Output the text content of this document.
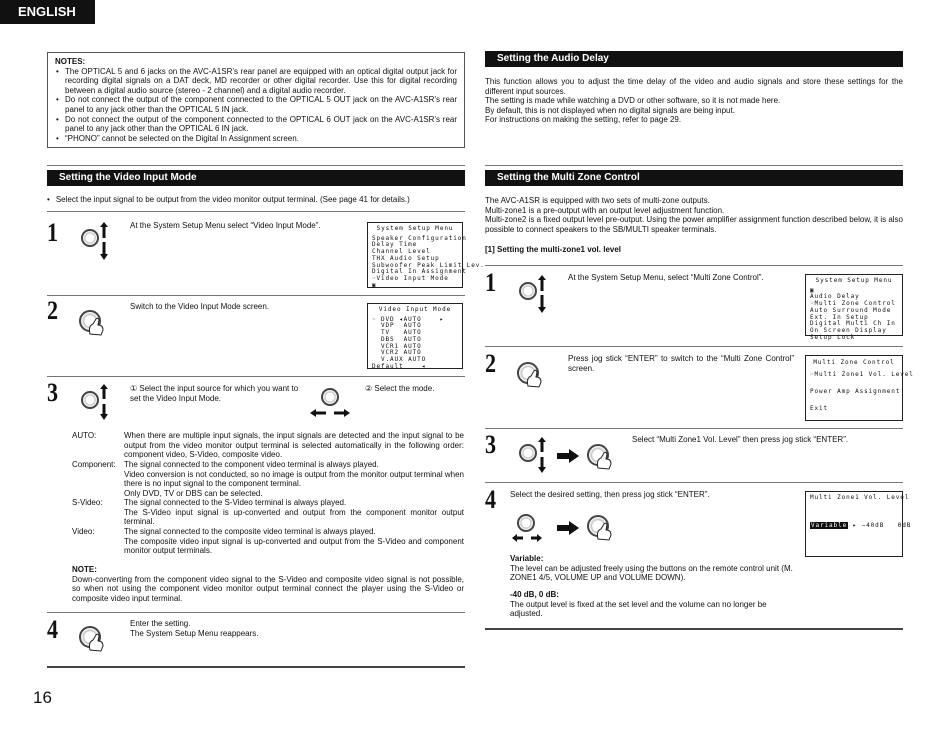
ENGLISH
NOTES:
• The OPTICAL 5 and 6 jacks on the AVC-A1SR’s rear panel are equipped with an optical digital output jack for recording digital signals on a DAT deck, MD recorder or other digital recorder. Use this for digital recording between a digital audio source (stereo - 2 channel) and a digital audio recorder.
• Do not connect the output of the component connected to the OPTICAL 5 OUT jack on the AVC-A1SR’s rear panel to any jack other than the OPTICAL 5 IN jack.
• Do not connect the output of the component connected to the OPTICAL 6 OUT jack on the AVC-A1SR’s rear panel to any jack other than the OPTICAL 6 IN jack.
• “PHONO” cannot be selected on the Digital In Assignment screen.
Setting the Video Input Mode
• Select the input signal to be output from the video monitor output terminal. (See page 41 for details.)
1	At the System Setup Menu select “Video Input Mode”.	System Setup Menu
Speaker Configuration
Delay Time
Channel Level
THX Audio Setup
Subwoofer Peak Limit Lev.
Digital In Assignment
☞Video Input Mode
▣
2	Switch to the Video Input Mode screen.	Video Input Mode
☞ DVD ◂AUTO    ▸
VDP  AUTO
TV   AUTO
DBS  AUTO
VCR1 AUTO
VCR2 AUTO
V.AUX AUTO
Default    ◂
3	① Select the input source for which you want to set the Video Input Mode.
② Select the mode.
AUTO:	When there are multiple input signals, the input signals are detected and the input signal to be output from the video monitor output terminal is selected automatically in the following order: component video, S-Video, composite video.
Component:	The signal connected to the component video terminal is always played.
Video conversion is not conducted, so no image is output from the monitor output terminal when there is no input signal to the component terminal.
Only DVD, TV or DBS can be selected.
S-Video:	The signal connected to the S-Video terminal is always played.
The S-Video input signal is up-converted and output from the component monitor output terminal.
Video:	The signal connected to the composite video terminal is always played.
The composite video input signal is up-converted and output from the S-Video and component monitor output terminals.
NOTE:
Down-converting from the component video signal to the S-Video and composite video signal is not possible, so when not using the component video monitor output terminal connect the player using the S-Video or composite video input terminal.
4	Enter the setting.
The System Setup Menu reappears.
Setting the Audio Delay
This function allows you to adjust the time delay of the video and audio signals and store these settings for the different input sources.
The setting is made while watching a DVD or other software, so it is not made here.
By default, this is not displayed when no digital signals are being input.
For instructions on making the setting, refer to page 29.
Setting the Multi Zone Control
The AVC-A1SR is equipped with two sets of multi-zone outputs.
Multi-zone1 is a pre-output with an output level adjustment function.
Multi-zone2 is a fixed output level pre-output. Using the power amplifier assignment function described below, it is also possible to connect speakers to the SB/MULTI speaker terminals.
[1] Setting the multi-zone1 vol. level
1	At the System Setup Menu, select “Multi Zone Control”.	System Setup Menu
▣
Audio Delay
☞Multi Zone Control
Auto Surround Mode
Ext. In Setup
Digital Multi Ch In
On Screen Display
Setup Lock
2	Press jog stick “ENTER” to switch to the “Multi Zone Control” screen.
Multi Zone Control
☞Multi Zone1 Vol. Level

Power Amp Assignment

Exit
3	Select “Multi Zone1 Vol. Level” then press jog stick “ENTER”.
4 Select the desired setting, then press jog stick “ENTER”.	Multi Zone1 Vol. Level

Variable ▸ −40dB   0dB
Variable:
The level can be adjusted freely using the buttons on the remote control unit (M. ZONE1 4/5, VOLUME UP and VOLUME DOWN).
-40 dB, 0 dB:
The output level is fixed at the set level and the volume can no longer be adjusted.
16
